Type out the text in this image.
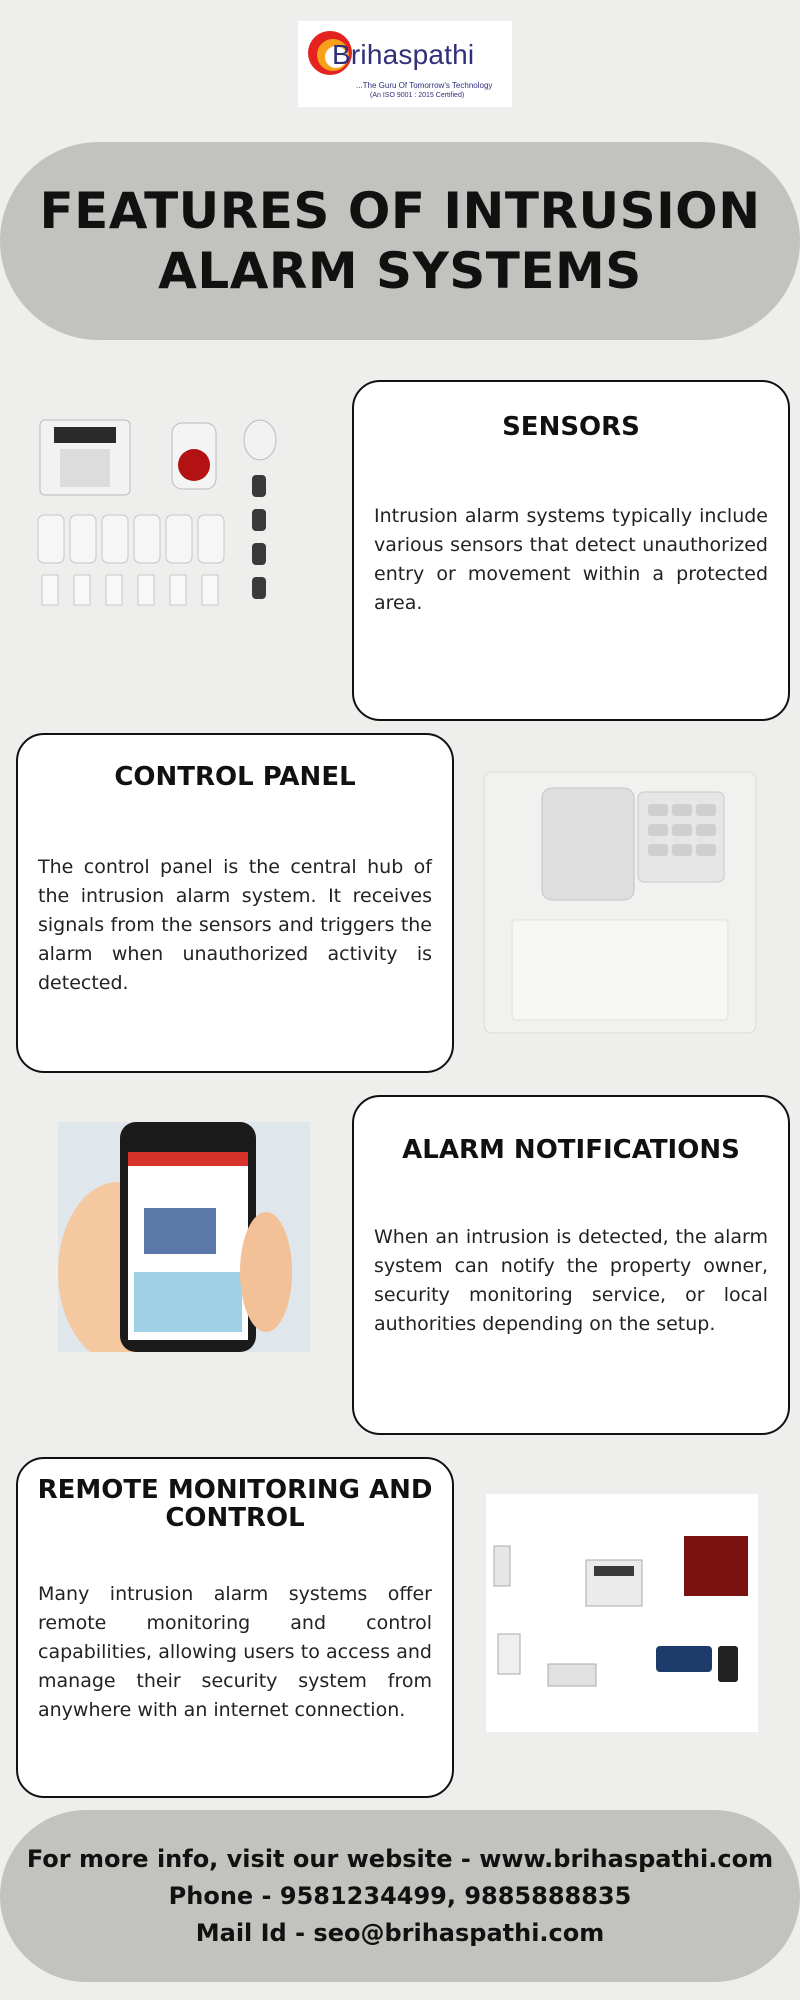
Brihaspathi
...The Guru Of Tomorrow's Technology
(An ISO 9001 : 2015 Certified)
FEATURES OF INTRUSION
ALARM SYSTEMS
SENSORS
Intrusion alarm systems typically include various sensors that detect unauthorized entry or movement within a protected area.
CONTROL PANEL
The control panel is the central hub of the intrusion alarm system. It receives signals from the sensors and triggers the alarm when unauthorized activity is detected.
ALARM NOTIFICATIONS
When an intrusion is detected, the alarm system can notify the property owner, security monitoring service, or local authorities depending on the setup.
REMOTE MONITORING AND CONTROL
Many intrusion alarm systems offer remote monitoring and control capabilities, allowing users to access and manage their security system from anywhere with an internet connection.
For more info, visit our website - www.brihaspathi.com
Phone - 9581234499, 9885888835
Mail Id - seo@brihaspathi.com
